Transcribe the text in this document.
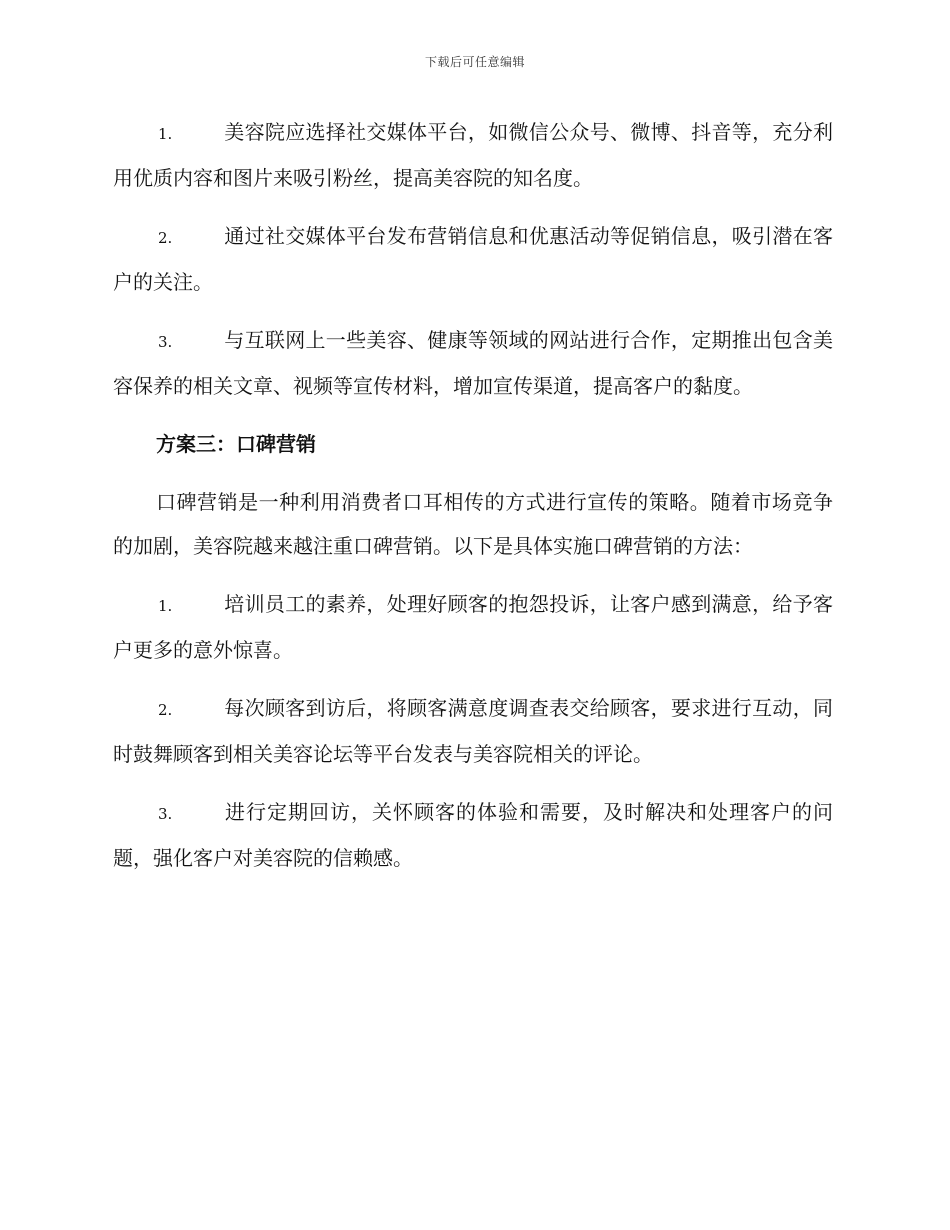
下载后可任意编辑
1.	美容院应选择社交媒体平台，如微信公众号、微博、抖音等，充分利用优质内容和图片来吸引粉丝，提高美容院的知名度。
2.	通过社交媒体平台发布营销信息和优惠活动等促销信息，吸引潜在客户的关注。
3.	与互联网上一些美容、健康等领域的网站进行合作，定期推出包含美容保养的相关文章、视频等宣传材料，增加宣传渠道，提高客户的黏度。
方案三：口碑营销
口碑营销是一种利用消费者口耳相传的方式进行宣传的策略。随着市场竞争的加剧，美容院越来越注重口碑营销。以下是具体实施口碑营销的方法：
1.	培训员工的素养，处理好顾客的抱怨投诉，让客户感到满意，给予客户更多的意外惊喜。
2.	每次顾客到访后，将顾客满意度调查表交给顾客，要求进行互动，同时鼓舞顾客到相关美容论坛等平台发表与美容院相关的评论。
3.	进行定期回访，关怀顾客的体验和需要，及时解决和处理客户的问题，强化客户对美容院的信赖感。
